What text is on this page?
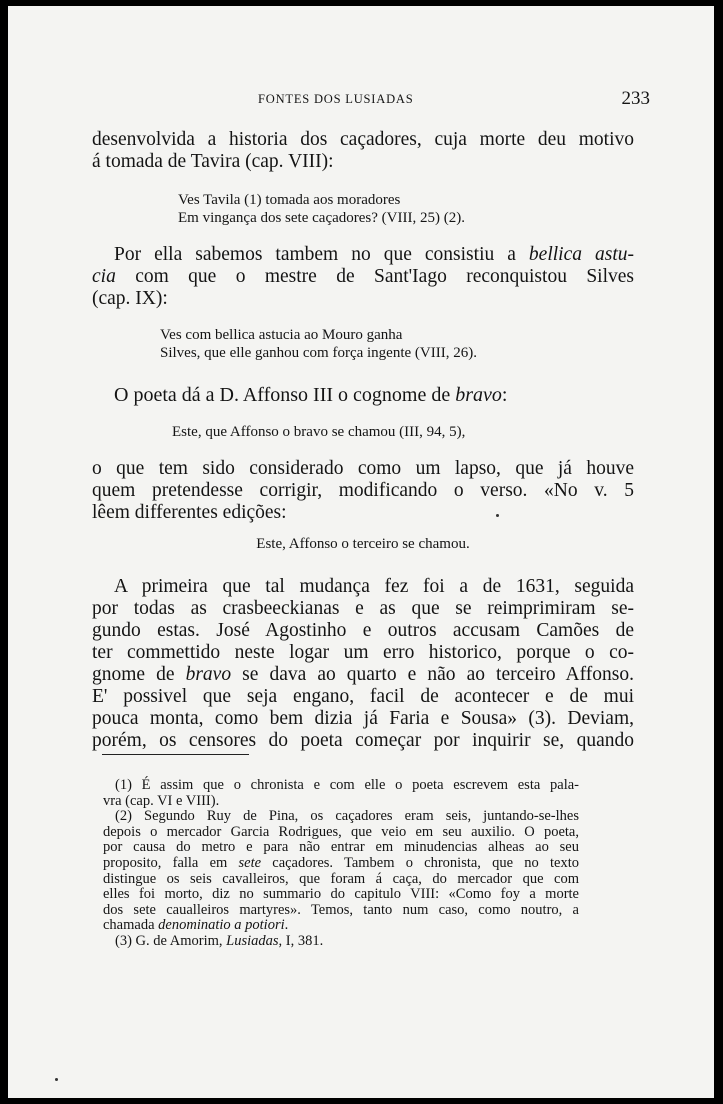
FONTES DOS LUSIADAS	233
desenvolvida a historia dos caçadores, cuja morte deu motivo
á tomada de Tavira (cap. VIII):
Ves Tavila (1) tomada aos moradores
Em vingança dos sete caçadores? (VIII, 25) (2).
Por ella sabemos tambem no que consistiu a bellica astu-
cia com que o mestre de Sant'Iago reconquistou Silves
(cap. IX):
Ves com bellica astucia ao Mouro ganha
Silves, que elle ganhou com força ingente (VIII, 26).
O poeta dá a D. Affonso III o cognome de bravo:
Este, que Affonso o bravo se chamou (III, 94, 5),
o que tem sido considerado como um lapso, que já houve
quem pretendesse corrigir, modificando o verso. «No v. 5
lêem differentes edições:
Este, Affonso o terceiro se chamou.
A primeira que tal mudança fez foi a de 1631, seguida
por todas as crasbeeckianas e as que se reimprimiram se-
gundo estas. José Agostinho e outros accusam Camões de
ter commettido neste logar um erro historico, porque o co-
gnome de bravo se dava ao quarto e não ao terceiro Affonso.
E' possivel que seja engano, facil de acontecer e de mui
pouca monta, como bem dizia já Faria e Sousa» (3). Deviam,
porém, os censores do poeta começar por inquirir se, quando
(1) É assim que o chronista e com elle o poeta escrevem esta pala-
vra (cap. VI e VIII).
(2) Segundo Ruy de Pina, os caçadores eram seis, juntando-se-lhes
depois o mercador Garcia Rodrigues, que veio em seu auxilio. O poeta,
por causa do metro e para não entrar em minudencias alheas ao seu
proposito, falla em sete caçadores. Tambem o chronista, que no texto
distingue os seis cavalleiros, que foram á caça, do mercador que com
elles foi morto, diz no summario do capitulo VIII: «Como foy a morte
dos sete caualleiros martyres». Temos, tanto num caso, como noutro, a
chamada denominatio a potiori.
(3) G. de Amorim, Lusiadas, I, 381.
